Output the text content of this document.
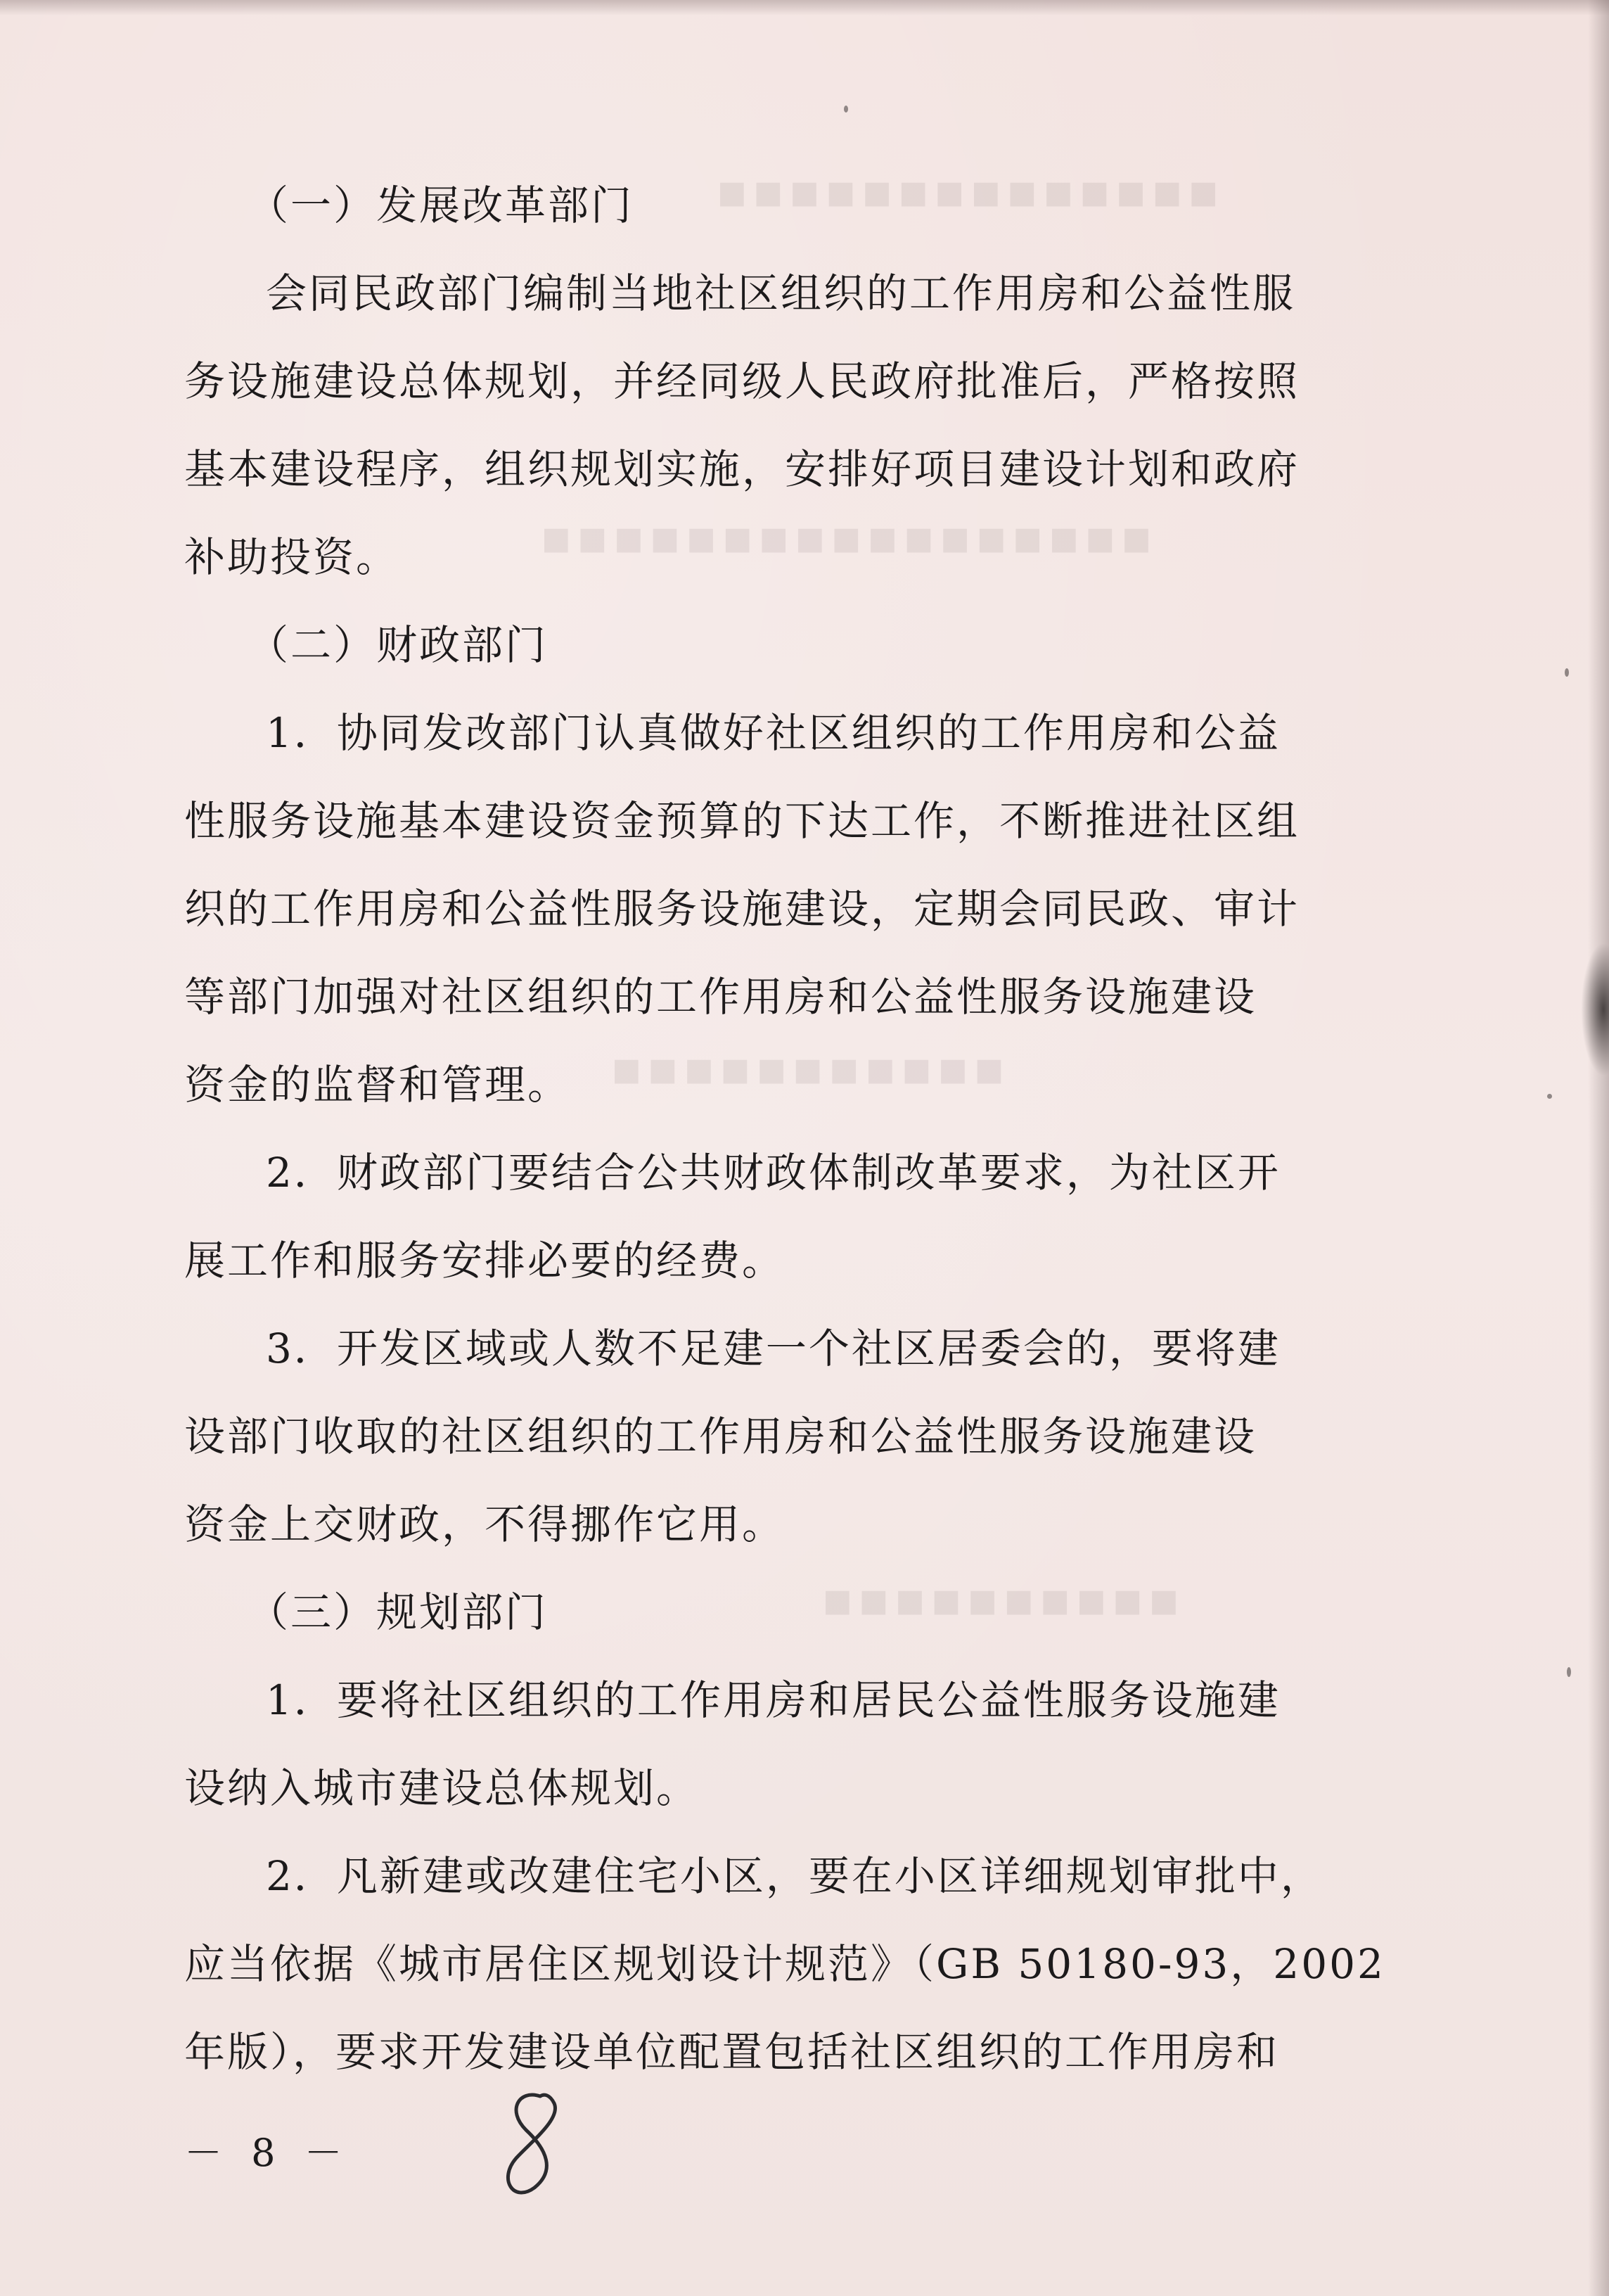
■■■■■■■■■■■■■■
■■■■■■■■■■■■■■■■■
■■■■■■■■■■■
■■■■■■■■■■
（一）发展改革部门
会同民政部门编制当地社区组织的工作用房和公益性服
务设施建设总体规划，并经同级人民政府批准后，严格按照
基本建设程序，组织规划实施，安排好项目建设计划和政府
补助投资。
（二）财政部门
1．协同发改部门认真做好社区组织的工作用房和公益
性服务设施基本建设资金预算的下达工作，不断推进社区组
织的工作用房和公益性服务设施建设，定期会同民政、审计
等部门加强对社区组织的工作用房和公益性服务设施建设
资金的监督和管理。
2．财政部门要结合公共财政体制改革要求，为社区开
展工作和服务安排必要的经费。
3．开发区域或人数不足建一个社区居委会的，要将建
设部门收取的社区组织的工作用房和公益性服务设施建设
资金上交财政，不得挪作它用。
（三）规划部门
1．要将社区组织的工作用房和居民公益性服务设施建
设纳入城市建设总体规划。
2．凡新建或改建住宅小区，要在小区详细规划审批中，
应当依据《城市居住区规划设计规范》（GB 50180-93，2002
年版），要求开发建设单位配置包括社区组织的工作用房和
－ 8 －
